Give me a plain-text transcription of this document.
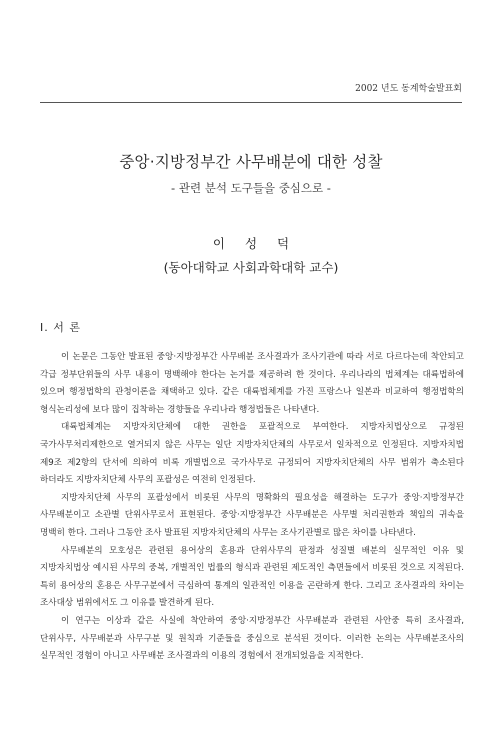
2002 년도 동계학술발표회
중앙·지방정부간 사무배분에 대한 성찰
- 관련 분석 도구들을 중심으로 -
이 성 덕
(동아대학교 사회과학대학 교수)
I. 서 론

이 논문은 그동안 발표된 중앙·지방정부간 사무배분 조사결과가 조사기관에 따라 서로 다르다는데 착안되고 각급 정부단위들의 사무 내용이 명백해야 한다는 논거를 제공하려 한 것이다. 우리나라의 법체계는 대륙법하에 있으며 행정법학의 관청이론을 채택하고 있다. 같은 대륙법체계를 가진 프랑스나 일본과 비교하여 행정법학의 형식논리성에 보다 많이 집착하는 경향들을 우리나라 행정법들은 나타낸다.

대륙법체계는 지방자치단체에 대한 권한을 포괄적으로 부여한다. 지방자치법상으로 규정된 국가사무처리제한으로 열거되지 않은 사무는 일단 지방자치단체의 사무로서 일차적으로 인정된다. 지방자치법 제9조 제2항의 단서에 의하여 비록 개별법으로 국가사무로 규정되어 지방자치단체의 사무 범위가 축소된다 하더라도 지방자치단체 사무의 포괄성은 여전히 인정된다.

지방자치단체 사무의 포괄성에서 비롯된 사무의 명확화의 필요성을 해결하는 도구가 중앙·지방정부간 사무배분이고 소관별 단위사무로서 표현된다. 중앙·지방정부간 사무배분은 사무별 처리권한과 책임의 귀속을 명백히 한다. 그러나 그동안 조사 발표된 지방자치단체의 사무는 조사기관별로 많은 차이를 나타낸다.

사무배분의 모호성은 관련된 용어상의 혼용과 단위사무의 판정과 성질별 배분의 실무적인 이유 및 지방자치법상 예시된 사무의 중복, 개별적인 법률의 형식과 관련된 제도적인 측면들에서 비롯된 것으로 지적된다. 특히 용어상의 혼용은 사무구분에서 극심하여 통계의 일관적인 이용을 곤란하게 한다. 그리고 조사결과의 차이는 조사대상 범위에서도 그 이유를 발견하게 된다.

이 연구는 이상과 같은 사실에 착안하여 중앙·지방정부간 사무배분과 관련된 사안중 특히 조사결과, 단위사무, 사무배분과 사무구분 및 원칙과 기준들을 중심으로 분석된 것이다. 이러한 논의는 사무배분조사의 실무적인 경험이 아니고 사무배분 조사결과의 이용의 경험에서 전개되었음을 지적한다.
